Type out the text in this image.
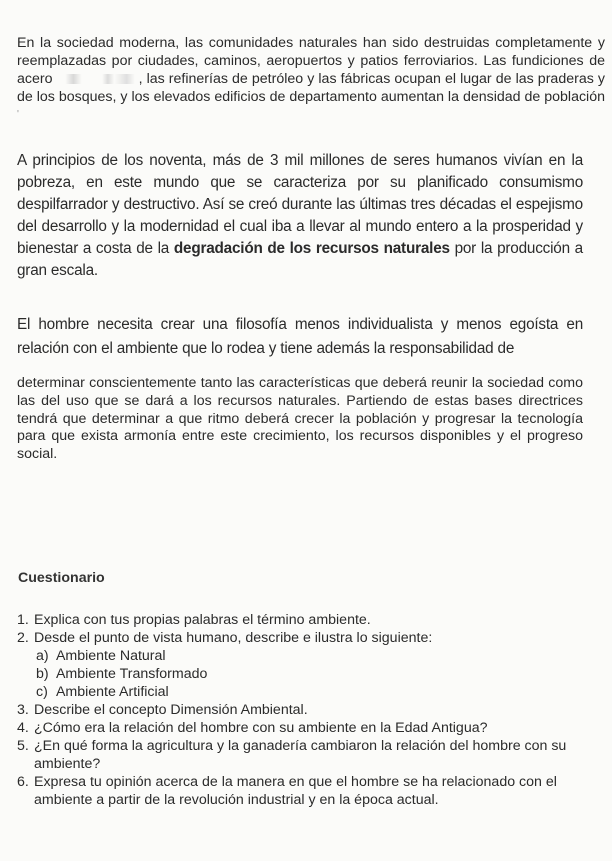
En la sociedad moderna, las comunidades naturales han sido destruidas completamente y reemplazadas por ciudades, caminos, aeropuertos y patios ferroviarios. Las fundiciones de acero	, las refinerías de petróleo y las fábricas ocupan el lugar de las praderas y de los bosques, y los elevados edificios de departamento aumentan la densidad de población '

A principios de los noventa, más de 3 mil millones de seres humanos vivían en la pobreza, en este mundo que se caracteriza por su planificado consumismo despilfarrador y destructivo. Así se creó durante las últimas tres décadas el espejismo del desarrollo y la modernidad el cual iba a llevar al mundo entero a la prosperidad y bienestar a costa de la degradación de los recursos naturales por la producción a gran escala.

El hombre necesita crear una filosofía menos individualista y menos egoísta en relación con el ambiente que lo rodea y tiene además la responsabilidad de

determinar conscientemente tanto las características que deberá reunir la sociedad como las del uso que se dará a los recursos naturales. Partiendo de estas bases directrices tendrá que determinar a que ritmo deberá crecer la población y progresar la tecnología para que exista armonía entre este crecimiento, los recursos disponibles y el progreso social.

Cuestionario
1. Explica con tus propias palabras el término ambiente.
2. Desde el punto de vista humano, describe e ilustra lo siguiente:
a)
Ambiente Natural
b)
Ambiente Transformado
c)
Ambiente Artificial
3. Describe el concepto Dimensión Ambiental.
4. ¿Cómo era la relación del hombre con su ambiente en la Edad Antigua?
5. ¿En qué forma la agricultura y la ganadería cambiaron la relación del hombre con su ambiente?
6. Expresa tu opinión acerca de la manera en que el hombre se ha relacionado con el ambiente a partir de la revolución industrial y en la época actual.
